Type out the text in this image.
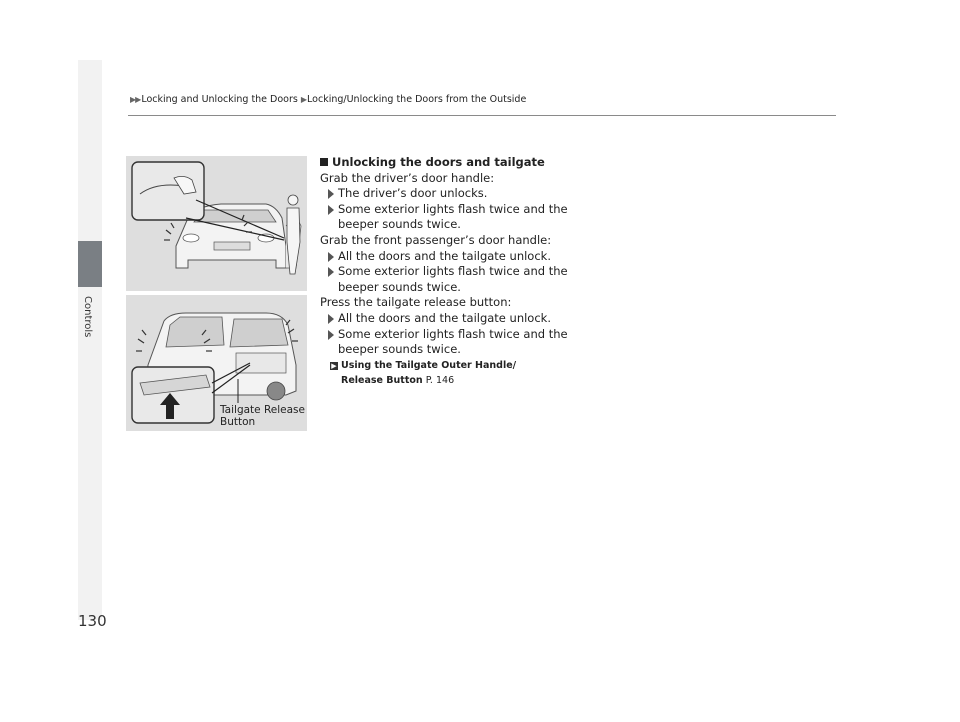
Controls
▶▶Locking and Unlocking the Doors ▶Locking/Unlocking the Doors from the Outside
Tailgate Release
Button
Unlocking the doors and tailgate
Grab the driver’s door handle:
The driver’s door unlocks.
Some exterior lights flash twice and the
beeper sounds twice.
Grab the front passenger’s door handle:
All the doors and the tailgate unlock.
Some exterior lights flash twice and the
beeper sounds twice.
Press the tailgate release button:
All the doors and the tailgate unlock.
Some exterior lights flash twice and the
beeper sounds twice.
▶ Using the Tailgate Outer Handle/
Release Button P. 146
130
